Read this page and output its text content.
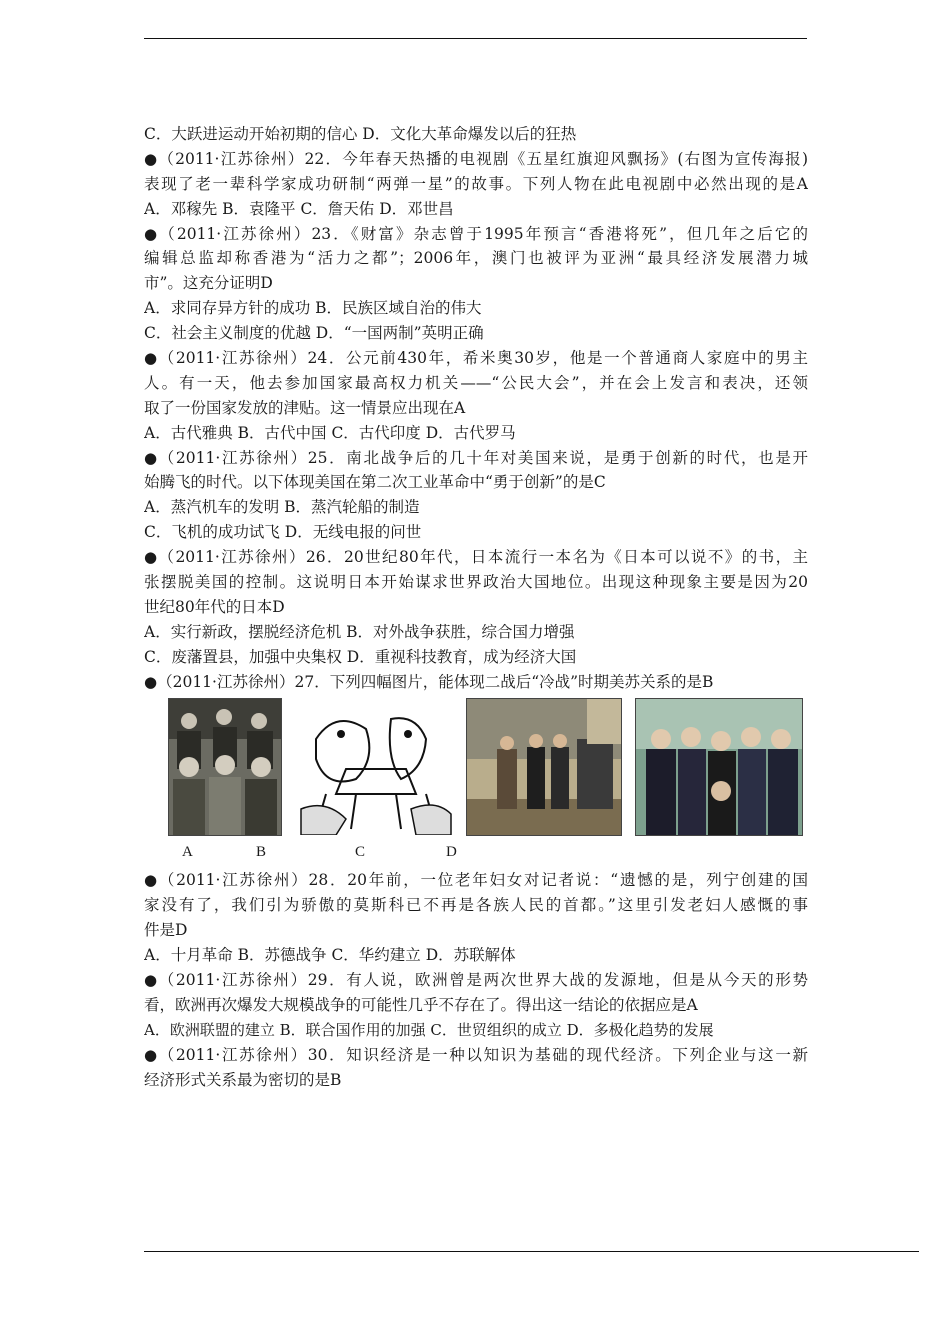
C．大跃进运动开始初期的信心 D．文化大革命爆发以后的狂热
●（2011·江苏徐州）22．今年春天热播的电视剧《五星红旗迎风飘扬》(右图为宣传海报)
表现了老一辈科学家成功研制“两弹一星”的故事。下列人物在此电视剧中必然出现的是A
A．邓稼先 B．袁隆平 C．詹天佑 D．邓世昌
●（2011·江苏徐州）23．《财富》杂志曾于1995年预言“香港将死”，但几年之后它的
编辑总监却称香港为“活力之都”；2006年，澳门也被评为亚洲“最具经济发展潜力城
市”。这充分证明D
A．求同存异方针的成功 B．民族区域自治的伟大
C．社会主义制度的优越 D．“一国两制”英明正确
●（2011·江苏徐州）24．公元前430年，希米奥30岁，他是一个普通商人家庭中的男主
人。有一天，他去参加国家最高权力机关——“公民大会”，并在会上发言和表决，还领
取了一份国家发放的津贴。这一情景应出现在A
A．古代雅典 B．古代中国 C．古代印度 D．古代罗马
●（2011·江苏徐州）25．南北战争后的几十年对美国来说，是勇于创新的时代，也是开
始腾飞的时代。以下体现美国在第二次工业革命中“勇于创新”的是C
A．蒸汽机车的发明 B．蒸汽轮船的制造
C．飞机的成功试飞 D．无线电报的问世
●（2011·江苏徐州）26．20世纪80年代，日本流行一本名为《日本可以说不》的书，主
张摆脱美国的控制。这说明日本开始谋求世界政治大国地位。出现这种现象主要是因为20
世纪80年代的日本D
A．实行新政，摆脱经济危机 B．对外战争获胜，综合国力增强
C．废藩置县，加强中央集权 D．重视科技教育，成为经济大国
●（2011·江苏徐州）27．下列四幅图片，能体现二战后“冷战”时期美苏关系的是B
A	B	C	D
●（2011·江苏徐州）28．20年前，一位老年妇女对记者说：“遗憾的是，列宁创建的国
家没有了，我们引为骄傲的莫斯科已不再是各族人民的首都。”这里引发老妇人感慨的事
件是D
A．十月革命 B．苏德战争 C．华约建立 D．苏联解体
●（2011·江苏徐州）29．有人说，欧洲曾是两次世界大战的发源地，但是从今天的形势
看，欧洲再次爆发大规模战争的可能性几乎不存在了。得出这一结论的依据应是A
A．欧洲联盟的建立 B．联合国作用的加强 C．世贸组织的成立 D．多极化趋势的发展
●（2011·江苏徐州）30．知识经济是一种以知识为基础的现代经济。下列企业与这一新
经济形式关系最为密切的是B
